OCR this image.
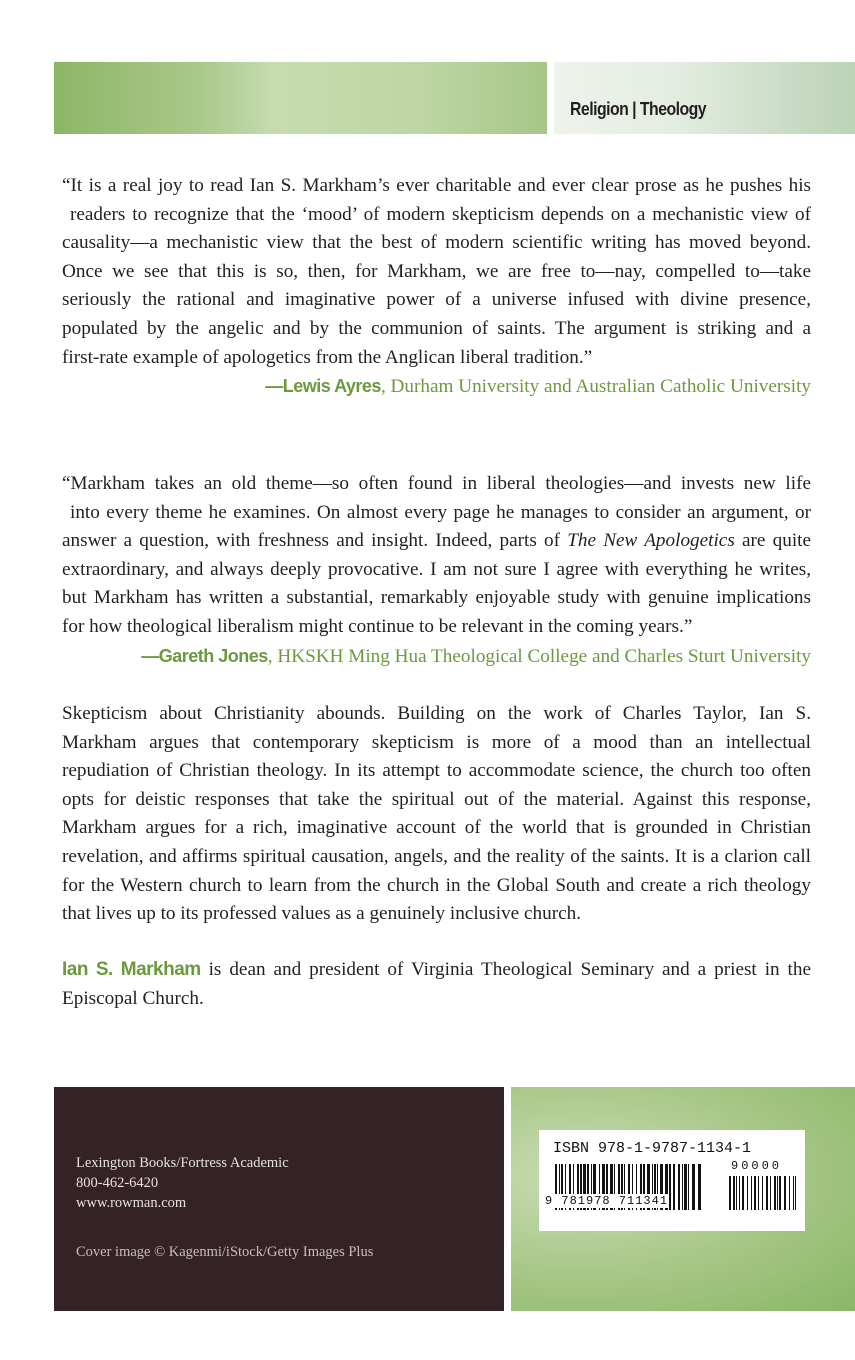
Religion | Theology
“It is a real joy to read Ian S. Markham’s ever charitable and ever clear prose as he pushes his
readers to recognize that the ‘mood’ of modern skepticism depends on a mechanistic view of
causality—a mechanistic view that the best of modern scientific writing has moved beyond.
Once we see that this is so, then, for Markham, we are free to—nay, compelled to—take
seriously the rational and imaginative power of a universe infused with divine presence,
populated by the angelic and by the communion of saints. The argument is striking and a
first-rate example of apologetics from the Anglican liberal tradition.”
—Lewis Ayres, Durham University and Australian Catholic University
“Markham takes an old theme—so often found in liberal theologies—and invests new life
into every theme he examines. On almost every page he manages to consider an argument, or
answer a question, with freshness and insight. Indeed, parts of The New Apologetics are quite
extraordinary, and always deeply provocative. I am not sure I agree with everything he writes,
but Markham has written a substantial, remarkably enjoyable study with genuine implications
for how theological liberalism might continue to be relevant in the coming years.”
—Gareth Jones, HKSKH Ming Hua Theological College and Charles Sturt University
Skepticism about Christianity abounds. Building on the work of Charles Taylor, Ian S.
Markham argues that contemporary skepticism is more of a mood than an intellectual
repudiation of Christian theology. In its attempt to accommodate science, the church too often
opts for deistic responses that take the spiritual out of the material. Against this response,
Markham argues for a rich, imaginative account of the world that is grounded in Christian
revelation, and affirms spiritual causation, angels, and the reality of the saints. It is a clarion call
for the Western church to learn from the church in the Global South and create a rich theology
that lives up to its professed values as a genuinely inclusive church.
Ian S. Markham is dean and president of Virginia Theological Seminary and a priest in the
Episcopal Church.
Lexington Books/Fortress Academic
800-462-6420
www.rowman.com
Cover image © Kagenmi/iStock/Getty Images Plus
ISBN 978-1-9787-1134-1
9 781978 711341
90000
